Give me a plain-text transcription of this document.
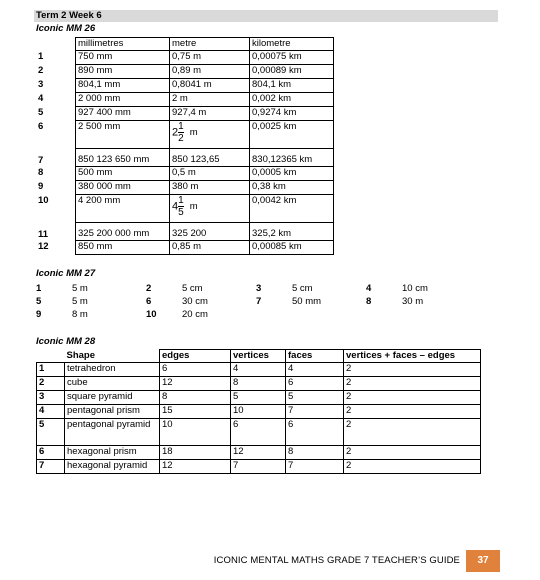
Term 2 Week 6
Iconic MM 26
	millimetres	metre	kilometre
1	750 mm	0,75 m	0,00075 km
2	890 mm	0,89 m	0,00089 km
3	804,1 mm	0,8041 m	804,1 km
4	2 000 mm	2 m	0,002 km
5	927 400 mm	927,4 m	0,9274 km
6	2 500 mm	$2 \frac{1}{2}$ m	0,0025 km
7	850 123 650 mm	850 123,65	830,12365 km
8	500 mm	0,5 m	0,0005 km
9	380 000 mm	380 m	0,38 km
10	4 200 mm	$4 \frac{1}{5}$ m	0,0042 km
11	325 200 000 mm	325 200	325,2 km
12	850 mm	0,85 m	0,00085 km
Iconic MM 27
1	5 m	2	5 cm	3	5 cm	4	10 cm
5	5 m	6	30 cm	7	50 mm	8	30 m
9	8 m	10	20 cm
Iconic MM 28
	Shape	edges	vertices	faces	vertices + faces – edges
1	tetrahedron	6	4	4	2
2	cube	12	8	6	2
3	square pyramid	8	5	5	2
4	pentagonal prism	15	10	7	2
5	pentagonal pyramid	10	6	6	2
6	hexagonal prism	18	12	8	2
7	hexagonal pyramid	12	7	7	2
ICONIC MENTAL MATHS GRADE 7 TEACHER’S GUIDE	37
